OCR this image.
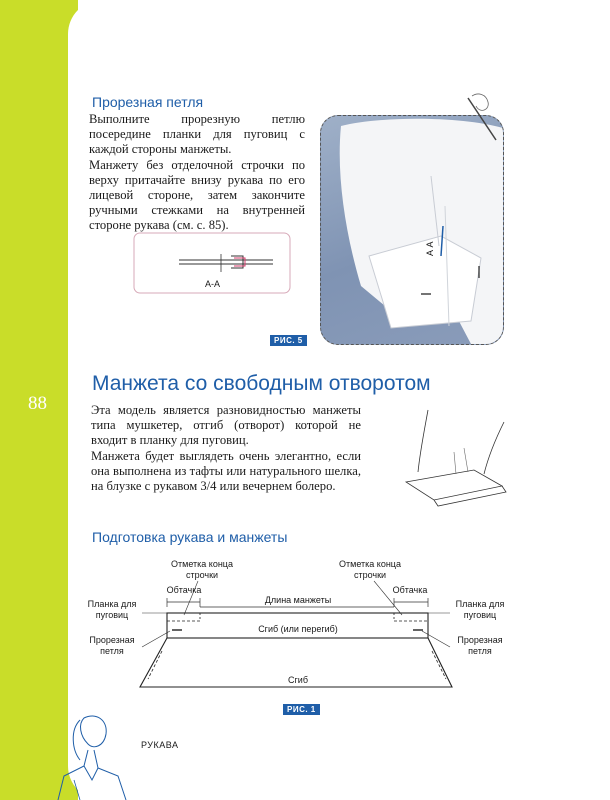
88
Прорезная петля

Выполните прорезную петлю посередине планки для пуговиц с каждой стороны манжеты.

Манжету без отделочной строчки по верху притачайте внизу рукава по его лицевой стороне, затем закончите ручными стежками на внутренней стороне рукава (см. с. 85).

А-А
А А
РИС. 5
Манжета со свободным отворотом

Эта модель является разновидностью манжеты типа мушкетер, отгиб (отворот) которой не входит в планку для пуговиц.

Манжета будет выглядеть очень элегантно, если она выполнена из тафты или натурального шелка, на блузке с рукавом 3/4 или вечернем болеро.

Подготовка рукава и манжеты
Отметка конца
строчки
Отметка конца
строчки
Обтачка	Обтачка
Длина манжеты
Планка для
пуговиц
Планка для
пуговиц
Прорезная
петля
Прорезная
петля
Сгиб (или перегиб)
Сгиб
РИС. 1
РУКАВА
